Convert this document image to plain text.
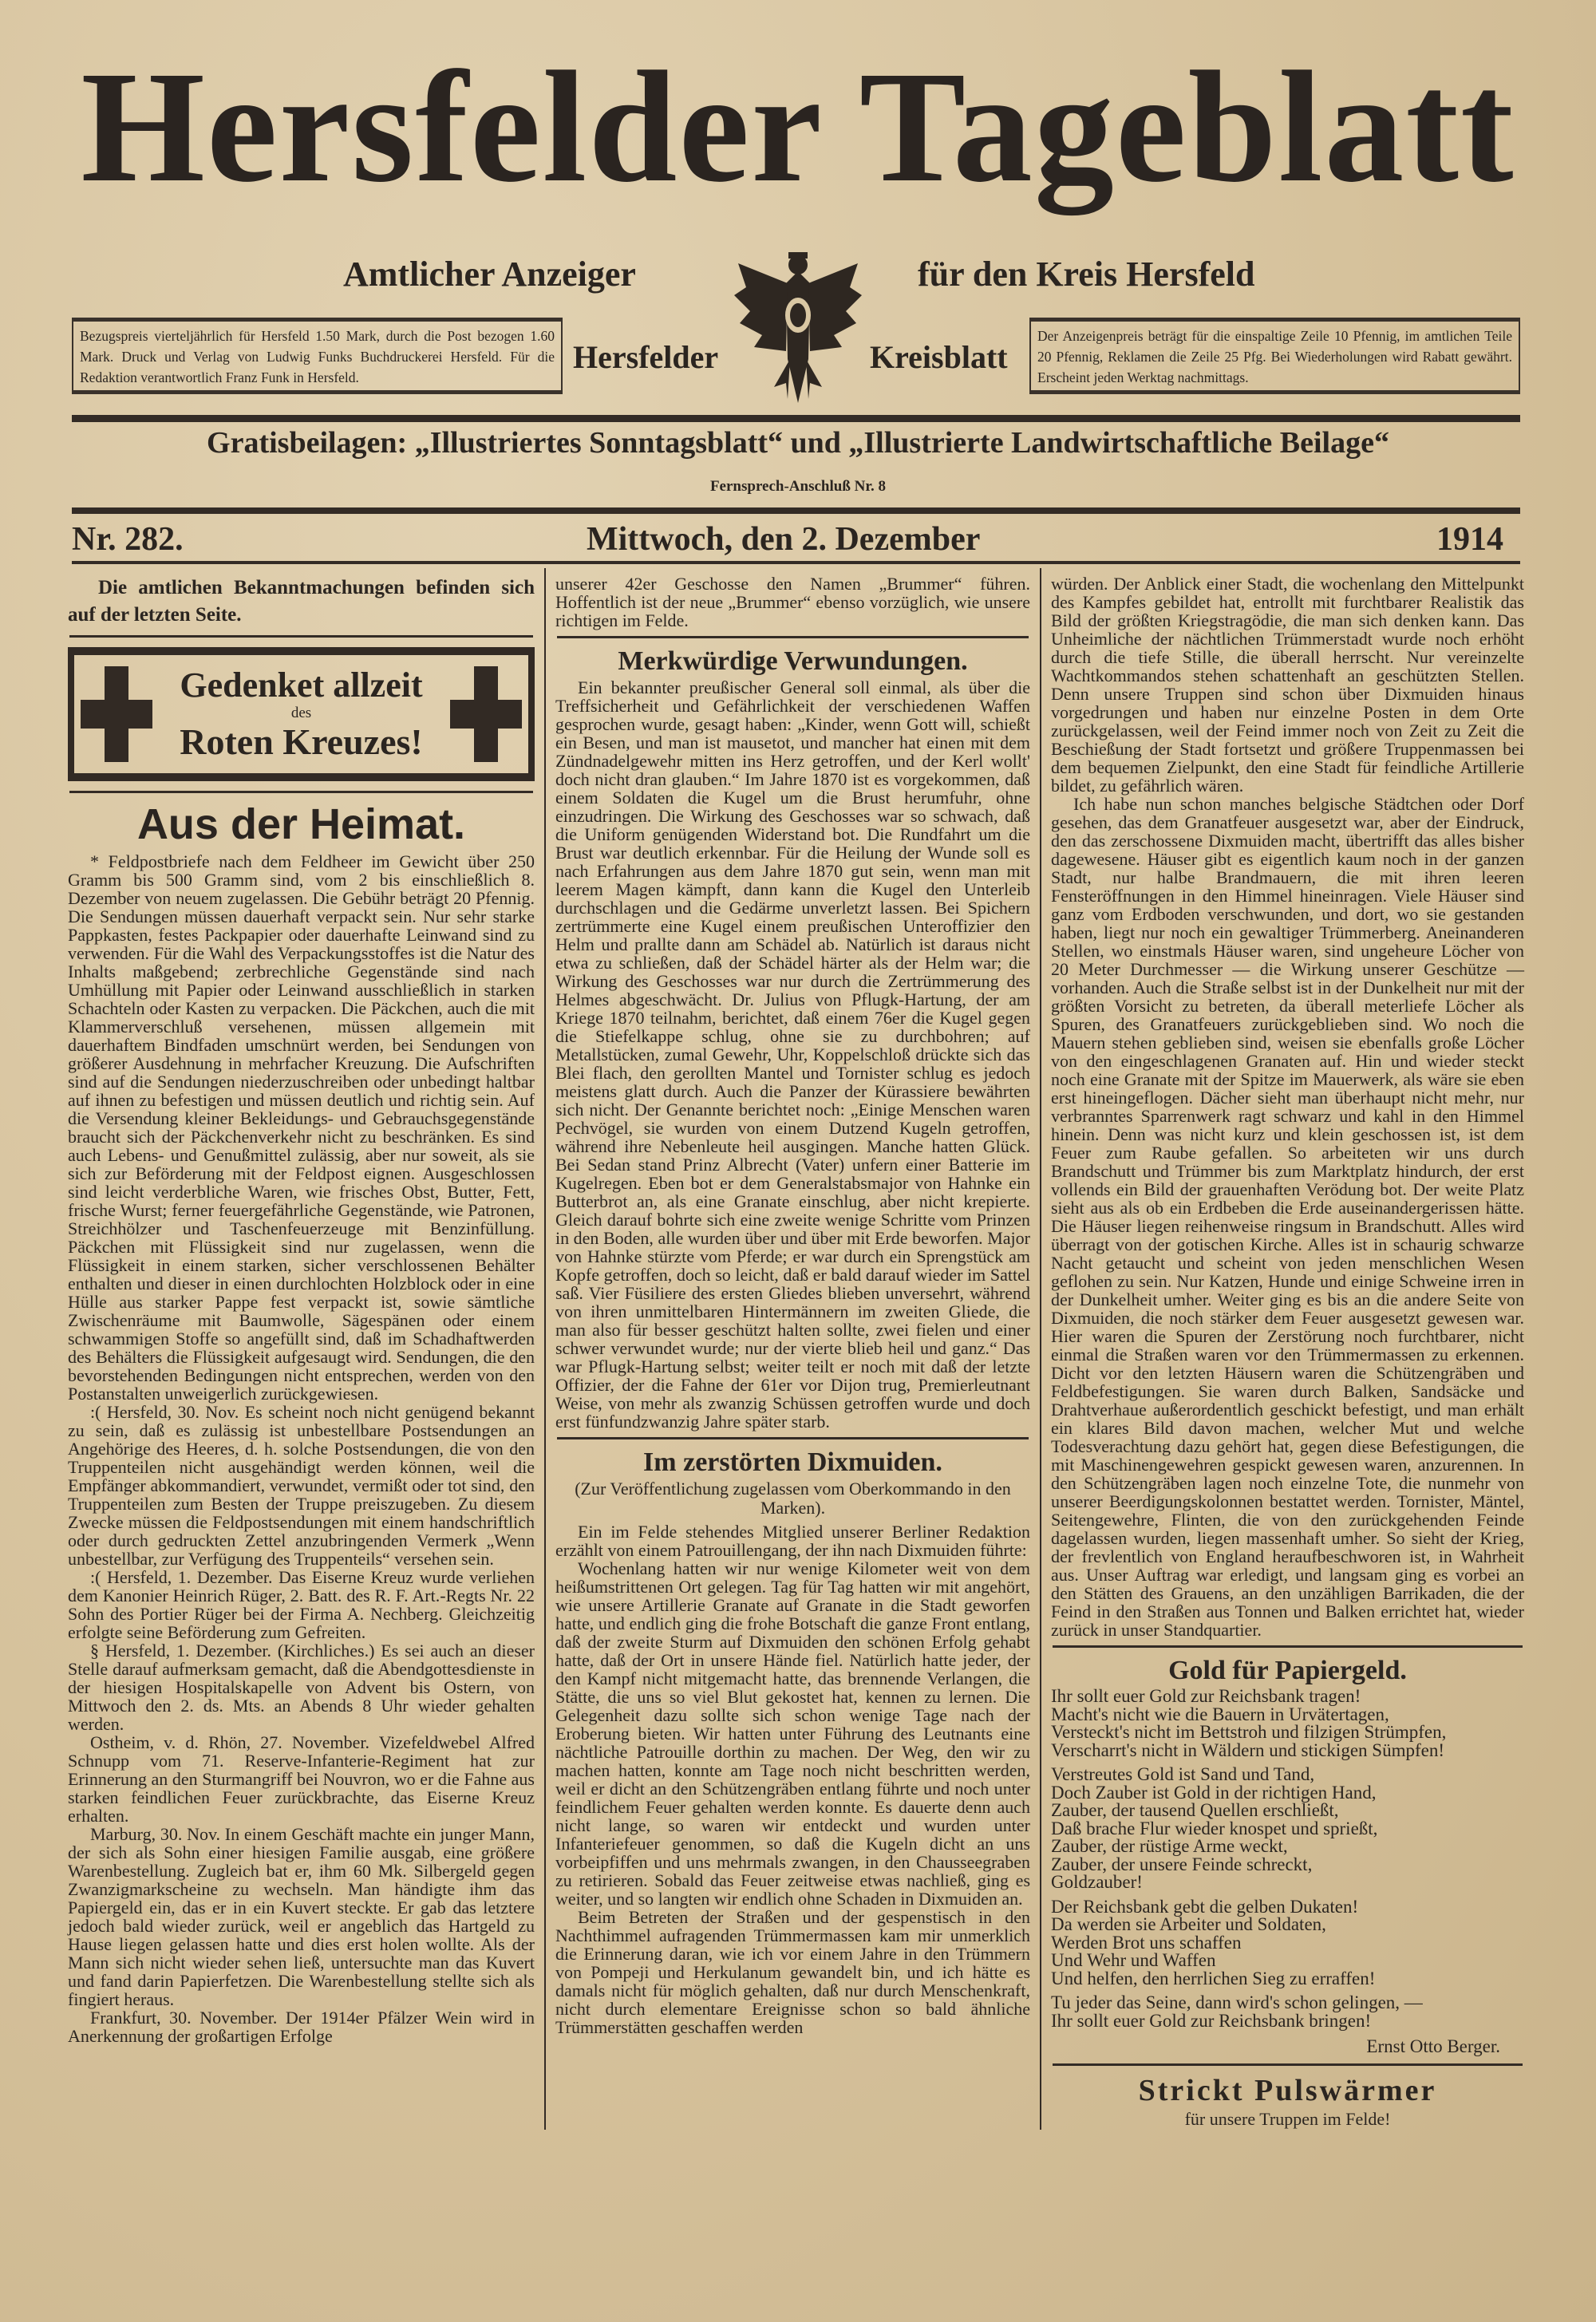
Hersfelder Tageblatt
Amtlicher Anzeiger	für den Kreis Hersfeld
Bezugspreis vierteljährlich für Hersfeld 1.50 Mark, durch die Post bezogen 1.60 Mark. Druck und Verlag von Ludwig Funks Buchdruckerei Hersfeld. Für die Redaktion verantwortlich Franz Funk in Hersfeld.
Der Anzeigenpreis beträgt für die einspaltige Zeile 10 Pfennig, im amtlichen Teile 20 Pfennig, Reklamen die Zeile 25 Pfg. Bei Wiederholungen wird Rabatt gewährt. Erscheint jeden Werktag nachmittags.
Hersfelder	Kreisblatt
Gratisbeilagen: „Illustriertes Sonntagsblatt“ und „Illustrierte Landwirtschaftliche Beilage“
Fernsprech-Anschluß Nr. 8
Nr. 282.	Mittwoch, den 2. Dezember	1914
Die amtlichen Bekanntmachungen befinden sich auf der letzten Seite.
Gedenket allzeit
des
Roten Kreuzes!
Aus der Heimat.

* Feldpostbriefe nach dem Feldheer im Gewicht über 250 Gramm bis 500 Gramm sind, vom 2 bis einschließlich 8. Dezember von neuem zugelassen. Die Gebühr beträgt 20 Pfennig. Die Sendungen müssen dauerhaft verpackt sein. Nur sehr starke Pappkasten, festes Packpapier oder dauerhafte Leinwand sind zu verwenden. Für die Wahl des Verpackungsstoffes ist die Natur des Inhalts maßgebend; zerbrechliche Gegenstände sind nach Umhüllung mit Papier oder Leinwand ausschließlich in starken Schachteln oder Kasten zu verpacken. Die Päckchen, auch die mit Klammerverschluß versehenen, müssen allgemein mit dauerhaftem Bindfaden umschnürt werden, bei Sendungen von größerer Ausdehnung in mehrfacher Kreuzung. Die Aufschriften sind auf die Sendungen niederzuschreiben oder unbedingt haltbar auf ihnen zu befestigen und müssen deutlich und richtig sein. Auf die Versendung kleiner Bekleidungs- und Gebrauchsgegenstände braucht sich der Päckchenverkehr nicht zu beschränken. Es sind auch Lebens- und Genußmittel zulässig, aber nur soweit, als sie sich zur Beförderung mit der Feldpost eignen. Ausgeschlossen sind leicht verderbliche Waren, wie frisches Obst, Butter, Fett, frische Wurst; ferner feuergefährliche Gegenstände, wie Patronen, Streichhölzer und Taschenfeuerzeuge mit Benzinfüllung. Päckchen mit Flüssigkeit sind nur zugelassen, wenn die Flüssigkeit in einem starken, sicher verschlossenen Behälter enthalten und dieser in einen durchlochten Holzblock oder in eine Hülle aus starker Pappe fest verpackt ist, sowie sämtliche Zwischenräume mit Baumwolle, Sägespänen oder einem schwammigen Stoffe so angefüllt sind, daß im Schadhaftwerden des Behälters die Flüssigkeit aufgesaugt wird. Sendungen, die den bevorstehenden Bedingungen nicht entsprechen, werden von den Postanstalten unweigerlich zurückgewiesen.

:( Hersfeld, 30. Nov. Es scheint noch nicht genügend bekannt zu sein, daß es zulässig ist unbestellbare Postsendungen an Angehörige des Heeres, d. h. solche Postsendungen, die von den Truppenteilen nicht ausgehändigt werden können, weil die Empfänger abkommandiert, verwundet, vermißt oder tot sind, den Truppenteilen zum Besten der Truppe preiszugeben. Zu diesem Zwecke müssen die Feldpostsendungen mit einem handschriftlich oder durch gedruckten Zettel anzubringenden Vermerk „Wenn unbestellbar, zur Verfügung des Truppenteils“ versehen sein.

:( Hersfeld, 1. Dezember. Das Eiserne Kreuz wurde verliehen dem Kanonier Heinrich Rüger, 2. Batt. des R. F. Art.-Regts Nr. 22 Sohn des Portier Rüger bei der Firma A. Nechberg. Gleichzeitig erfolgte seine Beförderung zum Gefreiten.

§ Hersfeld, 1. Dezember. (Kirchliches.) Es sei auch an dieser Stelle darauf aufmerksam gemacht, daß die Abendgottesdienste in der hiesigen Hospitalskapelle von Advent bis Ostern, von Mittwoch den 2. ds. Mts. an Abends 8 Uhr wieder gehalten werden.

Ostheim, v. d. Rhön, 27. November. Vizefeldwebel Alfred Schnupp vom 71. Reserve-Infanterie-Regiment hat zur Erinnerung an den Sturmangriff bei Nouvron, wo er die Fahne aus starken feindlichen Feuer zurückbrachte, das Eiserne Kreuz erhalten.

Marburg, 30. Nov. In einem Geschäft machte ein junger Mann, der sich als Sohn einer hiesigen Familie ausgab, eine größere Warenbestellung. Zugleich bat er, ihm 60 Mk. Silbergeld gegen Zwanzigmarkscheine zu wechseln. Man händigte ihm das Papiergeld ein, das er in ein Kuvert steckte. Er gab das letztere jedoch bald wieder zurück, weil er angeblich das Hartgeld zu Hause liegen gelassen hatte und dies erst holen wollte. Als der Mann sich nicht wieder sehen ließ, untersuchte man das Kuvert und fand darin Papierfetzen. Die Warenbestellung stellte sich als fingiert heraus.

Frankfurt, 30. November. Der 1914er Pfälzer Wein wird in Anerkennung der großartigen Erfolge

unserer 42er Geschosse den Namen „Brummer“ führen. Hoffentlich ist der neue „Brummer“ ebenso vorzüglich, wie unsere richtigen im Felde.

Merkwürdige Verwundungen.

Ein bekannter preußischer General soll einmal, als über die Treffsicherheit und Gefährlichkeit der verschiedenen Waffen gesprochen wurde, gesagt haben: „Kinder, wenn Gott will, schießt ein Besen, und man ist mausetot, und mancher hat einen mit dem Zündnadelgewehr mitten ins Herz getroffen, und der Kerl wollt' doch nicht dran glauben.“ Im Jahre 1870 ist es vorgekommen, daß einem Soldaten die Kugel um die Brust herumfuhr, ohne einzudringen. Die Wirkung des Geschosses war so schwach, daß die Uniform genügenden Widerstand bot. Die Rundfahrt um die Brust war deutlich erkennbar. Für die Heilung der Wunde soll es nach Erfahrungen aus dem Jahre 1870 gut sein, wenn man mit leerem Magen kämpft, dann kann die Kugel den Unterleib durchschlagen und die Gedärme unverletzt lassen. Bei Spichern zertrümmerte eine Kugel einem preußischen Unteroffizier den Helm und prallte dann am Schädel ab. Natürlich ist daraus nicht etwa zu schließen, daß der Schädel härter als der Helm war; die Wirkung des Geschosses war nur durch die Zertrümmerung des Helmes abgeschwächt. Dr. Julius von Pflugk-Hartung, der am Kriege 1870 teilnahm, berichtet, daß einem 76er die Kugel gegen die Stiefelkappe schlug, ohne sie zu durchbohren; auf Metallstücken, zumal Gewehr, Uhr, Koppelschloß drückte sich das Blei flach, den gerollten Mantel und Tornister schlug es jedoch meistens glatt durch. Auch die Panzer der Kürassiere bewährten sich nicht. Der Genannte berichtet noch: „Einige Menschen waren Pechvögel, sie wurden von einem Dutzend Kugeln getroffen, während ihre Nebenleute heil ausgingen. Manche hatten Glück. Bei Sedan stand Prinz Albrecht (Vater) unfern einer Batterie im Kugelregen. Eben bot er dem Generalstabsmajor von Hahnke ein Butterbrot an, als eine Granate einschlug, aber nicht krepierte. Gleich darauf bohrte sich eine zweite wenige Schritte vom Prinzen in den Boden, alle wurden über und über mit Erde beworfen. Major von Hahnke stürzte vom Pferde; er war durch ein Sprengstück am Kopfe getroffen, doch so leicht, daß er bald darauf wieder im Sattel saß. Vier Füsiliere des ersten Gliedes blieben unversehrt, während von ihren unmittelbaren Hintermännern im zweiten Gliede, die man also für besser geschützt halten sollte, zwei fielen und einer schwer verwundet wurde; nur der vierte blieb heil und ganz.“ Das war Pflugk-Hartung selbst; weiter teilt er noch mit daß der letzte Offizier, der die Fahne der 61er vor Dijon trug, Premierleutnant Weise, von mehr als zwanzig Schüssen getroffen wurde und doch erst fünfundzwanzig Jahre später starb.

Im zerstörten Dixmuiden.
(Zur Veröffentlichung zugelassen vom Oberkommando in den Marken).

Ein im Felde stehendes Mitglied unserer Berliner Redaktion erzählt von einem Patrouillengang, der ihn nach Dixmuiden führte:

Wochenlang hatten wir nur wenige Kilometer weit von dem heißumstrittenen Ort gelegen. Tag für Tag hatten wir mit angehört, wie unsere Artillerie Granate auf Granate in die Stadt geworfen hatte, und endlich ging die frohe Botschaft die ganze Front entlang, daß der zweite Sturm auf Dixmuiden den schönen Erfolg gehabt hatte, daß der Ort in unsere Hände fiel. Natürlich hatte jeder, der den Kampf nicht mitgemacht hatte, das brennende Verlangen, die Stätte, die uns so viel Blut gekostet hat, kennen zu lernen. Die Gelegenheit dazu sollte sich schon wenige Tage nach der Eroberung bieten. Wir hatten unter Führung des Leutnants eine nächtliche Patrouille dorthin zu machen. Der Weg, den wir zu machen hatten, konnte am Tage noch nicht beschritten werden, weil er dicht an den Schützengräben entlang führte und noch unter feindlichem Feuer gehalten werden konnte. Es dauerte denn auch nicht lange, so waren wir entdeckt und wurden unter Infanteriefeuer genommen, so daß die Kugeln dicht an uns vorbeipfiffen und uns mehrmals zwangen, in den Chausseegraben zu retirieren. Sobald das Feuer zeitweise etwas nachließ, ging es weiter, und so langten wir endlich ohne Schaden in Dixmuiden an.

Beim Betreten der Straßen und der gespenstisch in den Nachthimmel aufragenden Trümmermassen kam mir unmerklich die Erinnerung daran, wie ich vor einem Jahre in den Trümmern von Pompeji und Herkulanum gewandelt bin, und ich hätte es damals nicht für möglich gehalten, daß nur durch Menschenkraft, nicht durch elementare Ereignisse schon so bald ähnliche Trümmerstätten geschaffen werden

würden. Der Anblick einer Stadt, die wochenlang den Mittelpunkt des Kampfes gebildet hat, entrollt mit furchtbarer Realistik das Bild der größten Kriegstragödie, die man sich denken kann. Das Unheimliche der nächtlichen Trümmerstadt wurde noch erhöht durch die tiefe Stille, die überall herrscht. Nur vereinzelte Wachtkommandos stehen schattenhaft an geschützten Stellen. Denn unsere Truppen sind schon über Dixmuiden hinaus vorgedrungen und haben nur einzelne Posten in dem Orte zurückgelassen, weil der Feind immer noch von Zeit zu Zeit die Beschießung der Stadt fortsetzt und größere Truppenmassen bei dem bequemen Zielpunkt, den eine Stadt für feindliche Artillerie bildet, zu gefährlich wären.

Ich habe nun schon manches belgische Städtchen oder Dorf gesehen, das dem Granatfeuer ausgesetzt war, aber der Eindruck, den das zerschossene Dixmuiden macht, übertrifft das alles bisher dagewesene. Häuser gibt es eigentlich kaum noch in der ganzen Stadt, nur halbe Brandmauern, die mit ihren leeren Fensteröffnungen in den Himmel hineinragen. Viele Häuser sind ganz vom Erdboden verschwunden, und dort, wo sie gestanden haben, liegt nur noch ein gewaltiger Trümmerberg. Aneinanderen Stellen, wo einstmals Häuser waren, sind ungeheure Löcher von 20 Meter Durchmesser — die Wirkung unserer Geschütze — vorhanden. Auch die Straße selbst ist in der Dunkelheit nur mit der größten Vorsicht zu betreten, da überall meterliefe Löcher als Spuren, des Granatfeuers zurückgeblieben sind. Wo noch die Mauern stehen geblieben sind, weisen sie ebenfalls große Löcher von den eingeschlagenen Granaten auf. Hin und wieder steckt noch eine Granate mit der Spitze im Mauerwerk, als wäre sie eben erst hineingeflogen. Dächer sieht man überhaupt nicht mehr, nur verbranntes Sparrenwerk ragt schwarz und kahl in den Himmel hinein. Denn was nicht kurz und klein geschossen ist, ist dem Feuer zum Raube gefallen. So arbeiteten wir uns durch Brandschutt und Trümmer bis zum Marktplatz hindurch, der erst vollends ein Bild der grauenhaften Verödung bot. Der weite Platz sieht aus als ob ein Erdbeben die Erde auseinandergerissen hätte. Die Häuser liegen reihenweise ringsum in Brandschutt. Alles wird überragt von der gotischen Kirche. Alles ist in schaurig schwarze Nacht getaucht und scheint von jeden menschlichen Wesen geflohen zu sein. Nur Katzen, Hunde und einige Schweine irren in der Dunkelheit umher. Weiter ging es bis an die andere Seite von Dixmuiden, die noch stärker dem Feuer ausgesetzt gewesen war. Hier waren die Spuren der Zerstörung noch furchtbarer, nicht einmal die Straßen waren vor den Trümmermassen zu erkennen. Dicht vor den letzten Häusern waren die Schützengräben und Feldbefestigungen. Sie waren durch Balken, Sandsäcke und Drahtverhaue außerordentlich geschickt befestigt, und man erhält ein klares Bild davon machen, welcher Mut und welche Todesverachtung dazu gehört hat, gegen diese Befestigungen, die mit Maschinengewehren gespickt gewesen waren, anzurennen. In den Schützengräben lagen noch einzelne Tote, die nunmehr von unserer Beerdigungskolonnen bestattet werden. Tornister, Mäntel, Seitengewehre, Flinten, die von den zurückgehenden Feinde dagelassen wurden, liegen massenhaft umher. So sieht der Krieg, der frevlentlich von England heraufbeschworen ist, in Wahrheit aus. Unser Auftrag war erledigt, und langsam ging es vorbei an den Stätten des Grauens, an den unzähligen Barrikaden, die der Feind in den Straßen aus Tonnen und Balken errichtet hat, wieder zurück in unser Standquartier.

Gold für Papiergeld.
Ihr sollt euer Gold zur Reichsbank tragen!
Macht's nicht wie die Bauern in Urvätertagen,
Versteckt's nicht im Bettstroh und filzigen Strümpfen,
Verscharrt's nicht in Wäldern und stickigen Sümpfen!
Verstreutes Gold ist Sand und Tand,
Doch Zauber ist Gold in der richtigen Hand,
Zauber, der tausend Quellen erschließt,
Daß brache Flur wieder knospet und sprießt,
Zauber, der rüstige Arme weckt,
Zauber, der unsere Feinde schreckt,
Goldzauber!
Der Reichsbank gebt die gelben Dukaten!
Da werden sie Arbeiter und Soldaten,
Werden Brot uns schaffen
Und Wehr und Waffen
Und helfen, den herrlichen Sieg zu erraffen!
Tu jeder das Seine, dann wird's schon gelingen, —
Ihr sollt euer Gold zur Reichsbank bringen!
Ernst Otto Berger.
Strickt Pulswärmer
für unsere Truppen im Felde!
